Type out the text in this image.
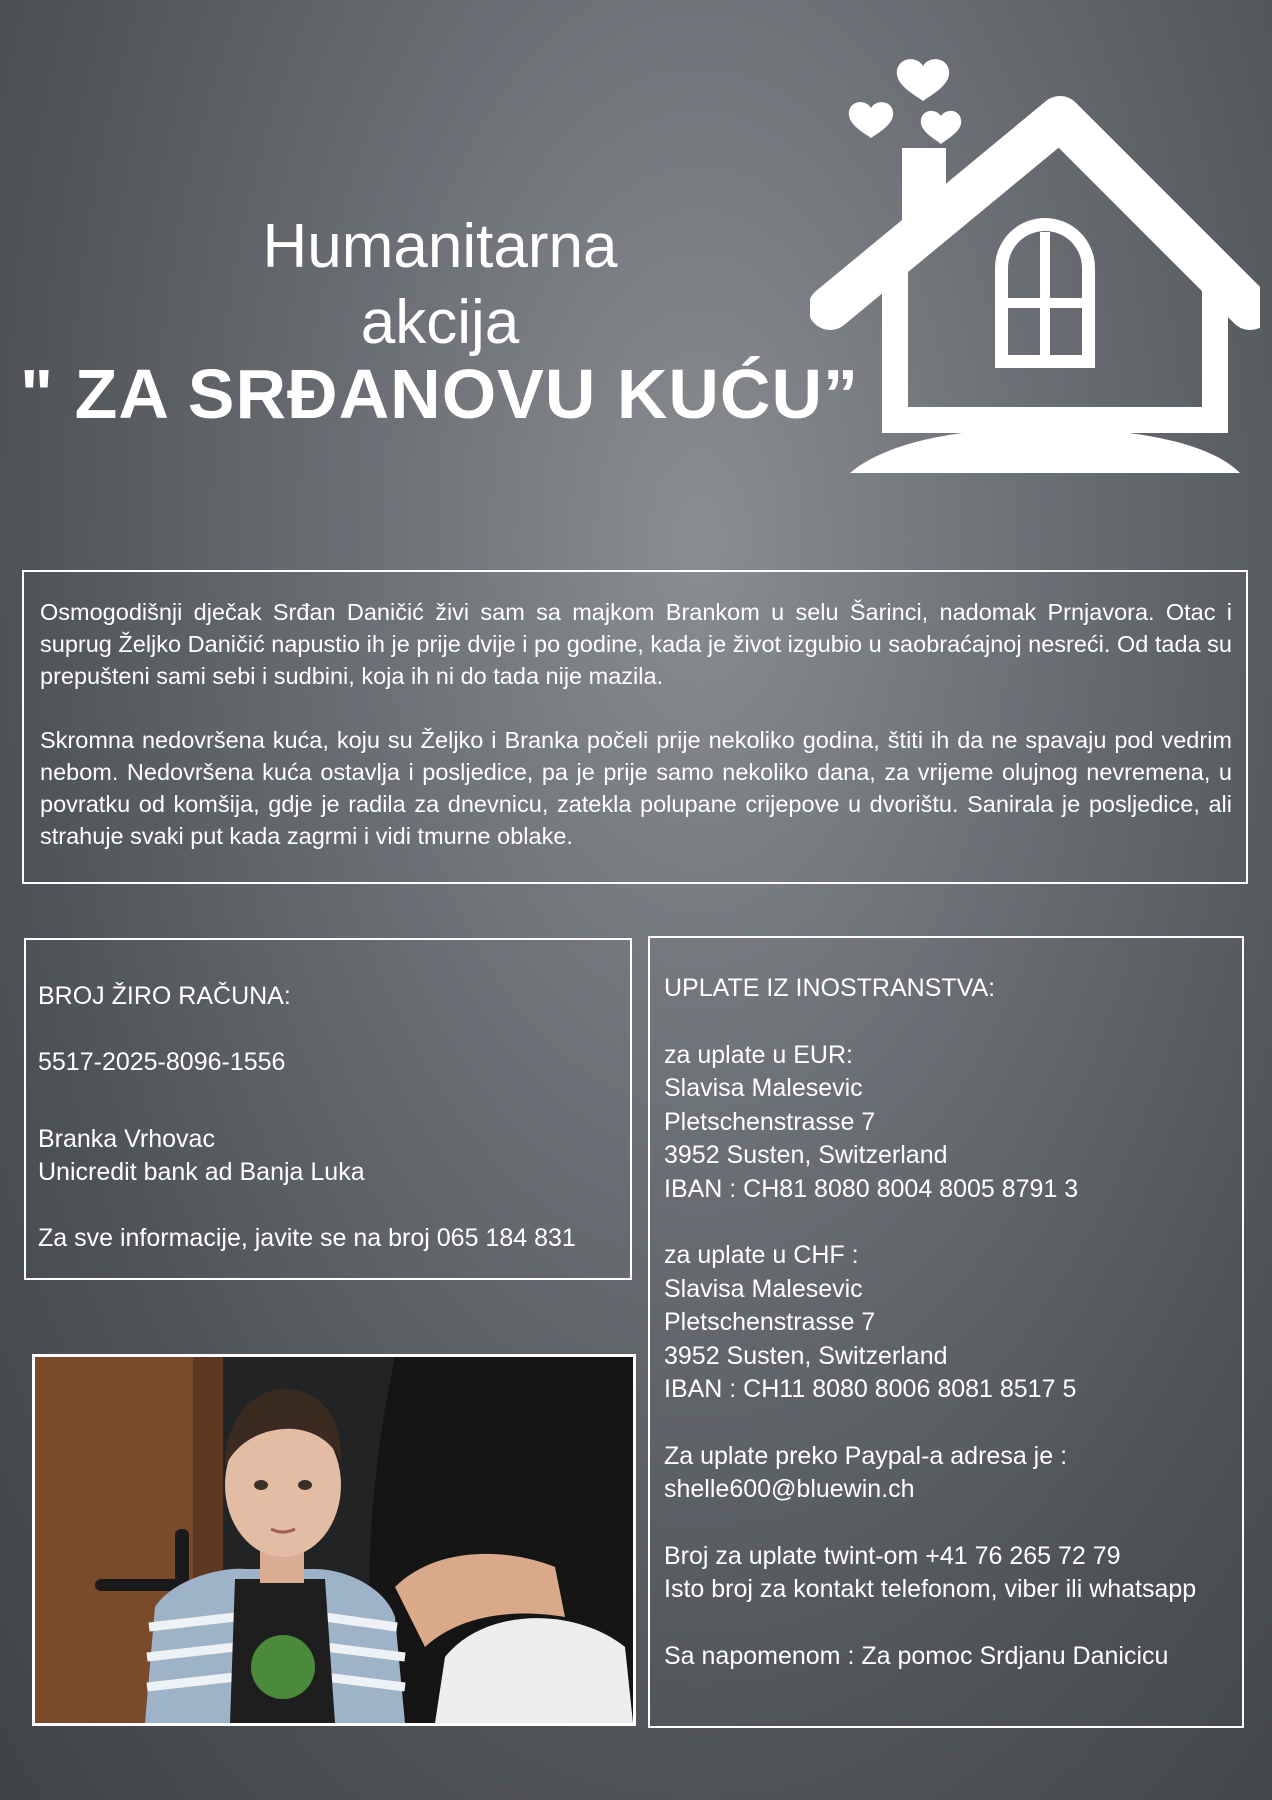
Humanitarna
akcija
" ZA SRĐANOVU KUĆU”

Osmogodišnji dječak Srđan Daničić živi sam sa majkom Brankom u selu Šarinci, nadomak Prnjavora. Otac i suprug Željko Daničić napustio ih je prije dvije i po godine, kada je život izgubio u saobraćajnoj nesreći. Od tada su prepušteni sami sebi i sudbini, koja ih ni do tada nije mazila.

Skromna nedovršena kuća, koju su Željko i Branka počeli prije nekoliko godina, štiti ih da ne spavaju pod vedrim nebom. Nedovršena kuća ostavlja i posljedice, pa je prije samo nekoliko dana, za vrijeme olujnog nevremena, u povratku od komšija, gdje je radila za dnevnicu, zatekla polupane crijepove u dvorištu. Sanirala je posljedice, ali strahuje svaki put kada zagrmi i vidi tmurne oblake.

BROJ ŽIRO RAČUNA:

5517-2025-8096-1556

Branka Vrhovac

Unicredit bank ad Banja Luka

Za sve informacije, javite se na broj 065 184 831

UPLATE IZ INOSTRANSTVA:

za uplate u EUR:

Slavisa Malesevic

Pletschenstrasse 7

3952 Susten, Switzerland

IBAN : CH81 8080 8004 8005 8791 3

za uplate u CHF :

Slavisa Malesevic

Pletschenstrasse 7

3952 Susten, Switzerland

IBAN : CH11 8080 8006 8081 8517 5

Za uplate preko Paypal-a adresa je :

shelle600@bluewin.ch

Broj za uplate twint-om +41 76 265 72 79

Isto broj za kontakt telefonom, viber ili whatsapp

Sa napomenom : Za pomoc Srdjanu Danicicu
